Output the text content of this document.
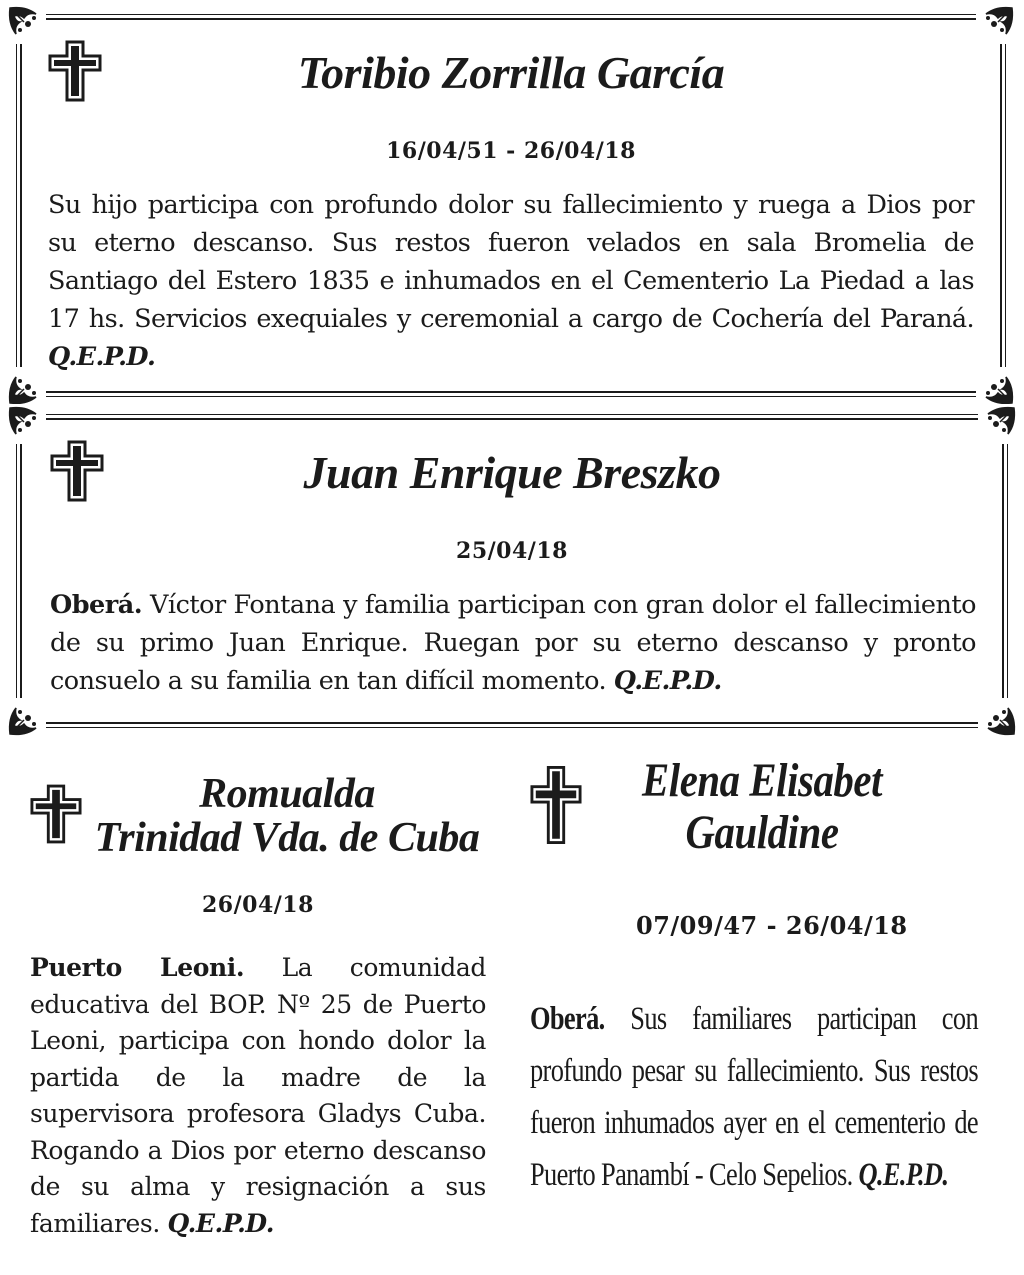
Toribio Zorrilla García
16/04/51 - 26/04/18

Su hijo participa con profundo dolor su fallecimiento y ruega a Dios por su eterno descanso. Sus restos fueron velados en sala Bromelia de Santiago del Estero 1835 e inhumados en el Cementerio La Piedad a las 17 hs. Servicios exequiales y ceremonial a cargo de Cochería del Paraná. Q.E.P.D.

Juan Enrique Breszko
25/04/18

Oberá. Víctor Fontana y familia participan con gran dolor el fallecimiento de su primo Juan Enrique. Ruegan por su eterno descanso y pronto consuelo a su familia en tan difícil momento. Q.E.P.D.

Romualda
Trinidad Vda. de Cuba
26/04/18

Puerto Leoni. La comunidad educativa del BOP. Nº 25 de Puerto Leoni, participa con hondo dolor la partida de la madre de la supervisora profesora Gladys Cuba. Rogando a Dios por eterno descanso de su alma y resignación a sus familiares. Q.E.P.D.

Elena Elisabet
Gauldine
07/09/47 - 26/04/18

Oberá. Sus familiares participan con profundo pesar su fallecimiento. Sus restos fueron inhumados ayer en el cementerio de Puerto Panambí - Celo Sepelios. Q.E.P.D.
